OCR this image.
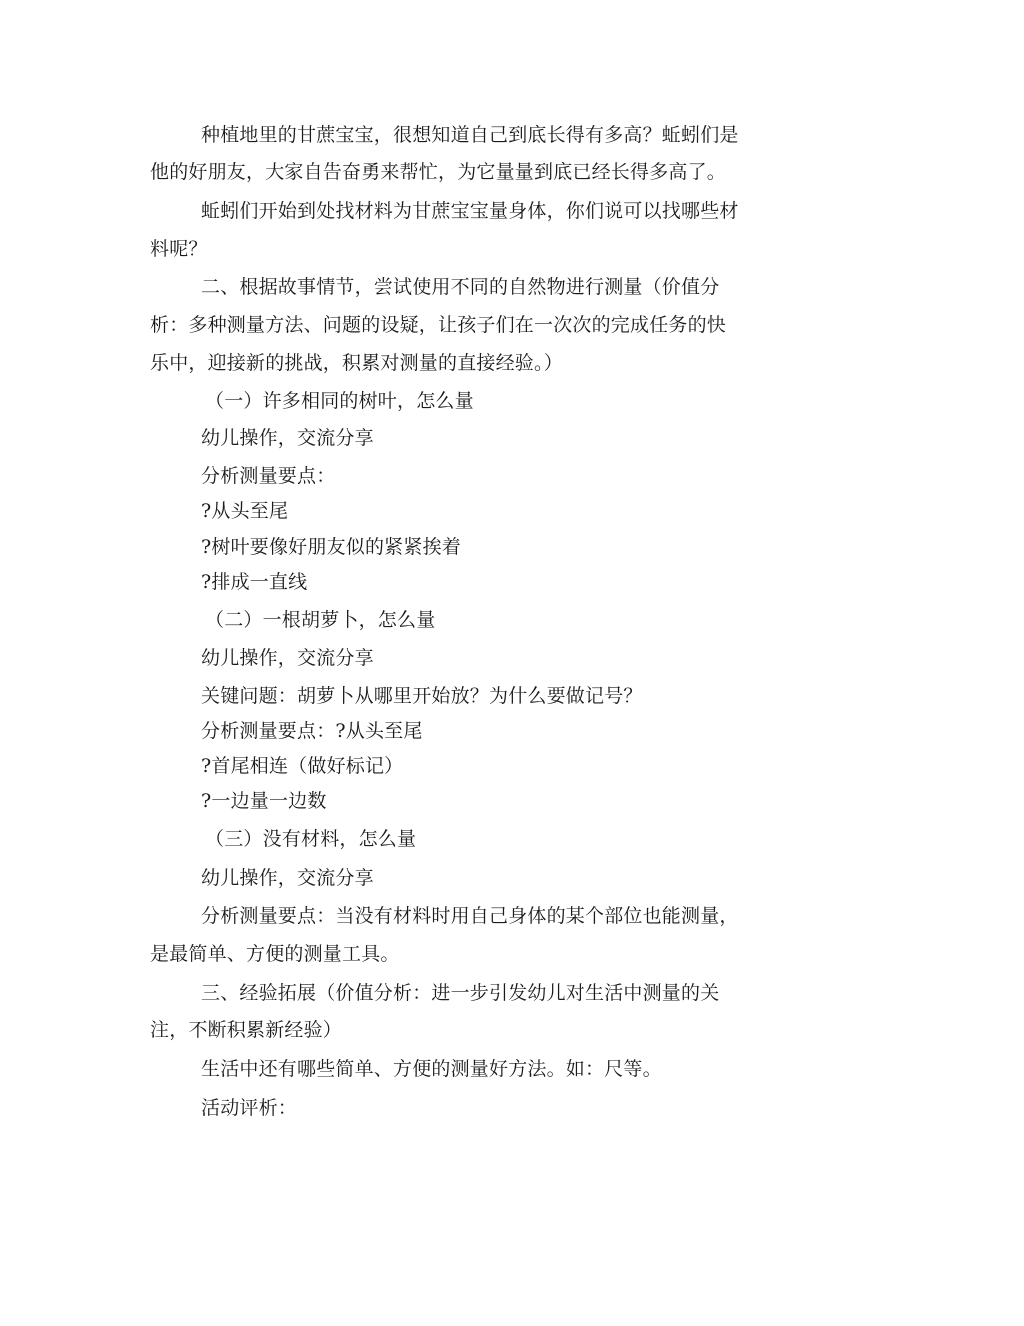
种植地里的甘蔗宝宝，很想知道自己到底长得有多高？蚯蚓们是
他的好朋友，大家自告奋勇来帮忙，为它量量到底已经长得多高了。
蚯蚓们开始到处找材料为甘蔗宝宝量身体，你们说可以找哪些材
料呢？
二、根据故事情节，尝试使用不同的自然物进行测量（价值分
析：多种测量方法、问题的设疑，让孩子们在一次次的完成任务的快
乐中，迎接新的挑战，积累对测量的直接经验。）
（一）许多相同的树叶，怎么量
幼儿操作，交流分享
分析测量要点：
?从头至尾
?树叶要像好朋友似的紧紧挨着
?排成一直线
（二）一根胡萝卜，怎么量
幼儿操作，交流分享
关键问题：胡萝卜从哪里开始放？为什么要做记号？
分析测量要点：?从头至尾
?首尾相连（做好标记）
?一边量一边数
（三）没有材料，怎么量
幼儿操作，交流分享
分析测量要点：当没有材料时用自己身体的某个部位也能测量，
是最简单、方便的测量工具。
三、经验拓展（价值分析：进一步引发幼儿对生活中测量的关
注，不断积累新经验）
生活中还有哪些简单、方便的测量好方法。如：尺等。
活动评析：
